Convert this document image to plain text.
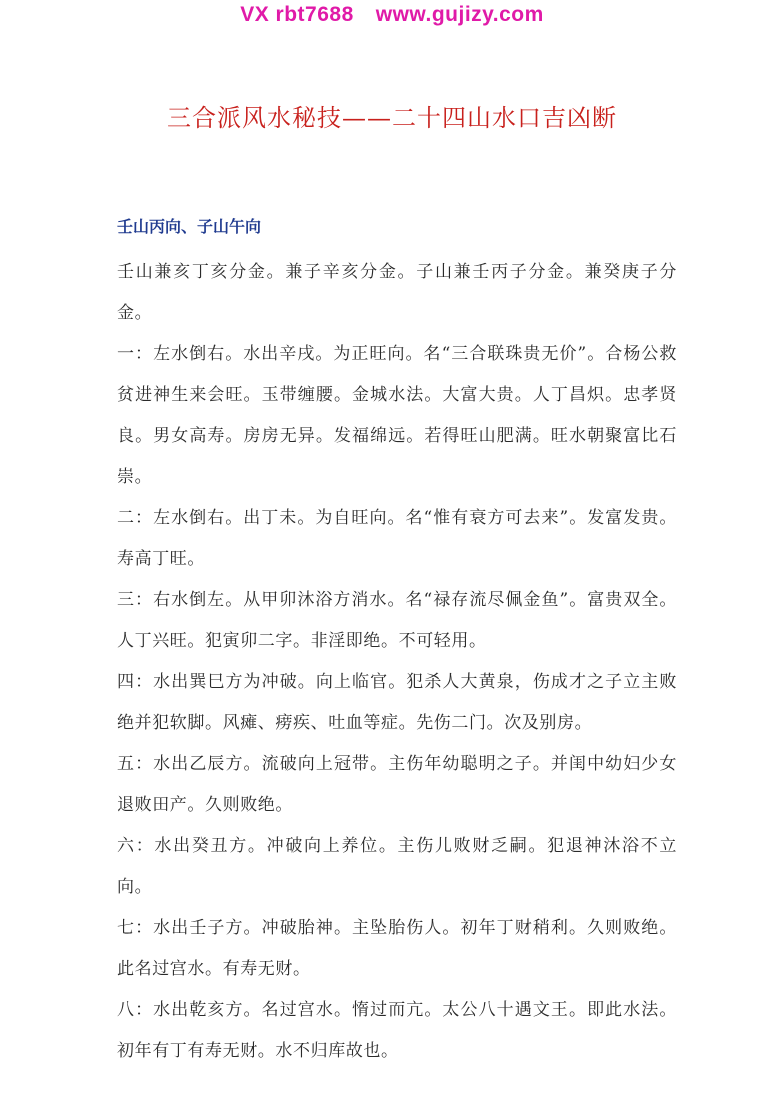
VX rbt7688 www.gujizy.com
三合派风水秘技——二十四山水口吉凶断
壬山丙向、子山午向

壬山兼亥丁亥分金。兼子辛亥分金。子山兼壬丙子分金。兼癸庚子分金。

一：左水倒右。水出辛戌。为正旺向。名“三合联珠贵无价”。合杨公救贫进神生来会旺。玉带缠腰。金城水法。大富大贵。人丁昌炽。忠孝贤良。男女高寿。房房无异。发福绵远。若得旺山肥满。旺水朝聚富比石崇。

二：左水倒右。出丁未。为自旺向。名“惟有衰方可去来”。发富发贵。寿高丁旺。

三：右水倒左。从甲卯沐浴方消水。名“禄存流尽佩金鱼”。富贵双全。人丁兴旺。犯寅卯二字。非淫即绝。不可轻用。

四：水出巽巳方为冲破。向上临官。犯杀人大黄泉，伤成才之子立主败绝并犯软脚。风瘫、痨疾、吐血等症。先伤二门。次及别房。

五：水出乙辰方。流破向上冠带。主伤年幼聪明之子。并闺中幼妇少女退败田产。久则败绝。

六：水出癸丑方。冲破向上养位。主伤儿败财乏嗣。犯退神沐浴不立向。

七：水出壬子方。冲破胎神。主坠胎伤人。初年丁财稍利。久则败绝。此名过宫水。有寿无财。

八：水出乾亥方。名过宫水。惰过而亢。太公八十遇文王。即此水法。初年有丁有寿无财。水不归库故也。
